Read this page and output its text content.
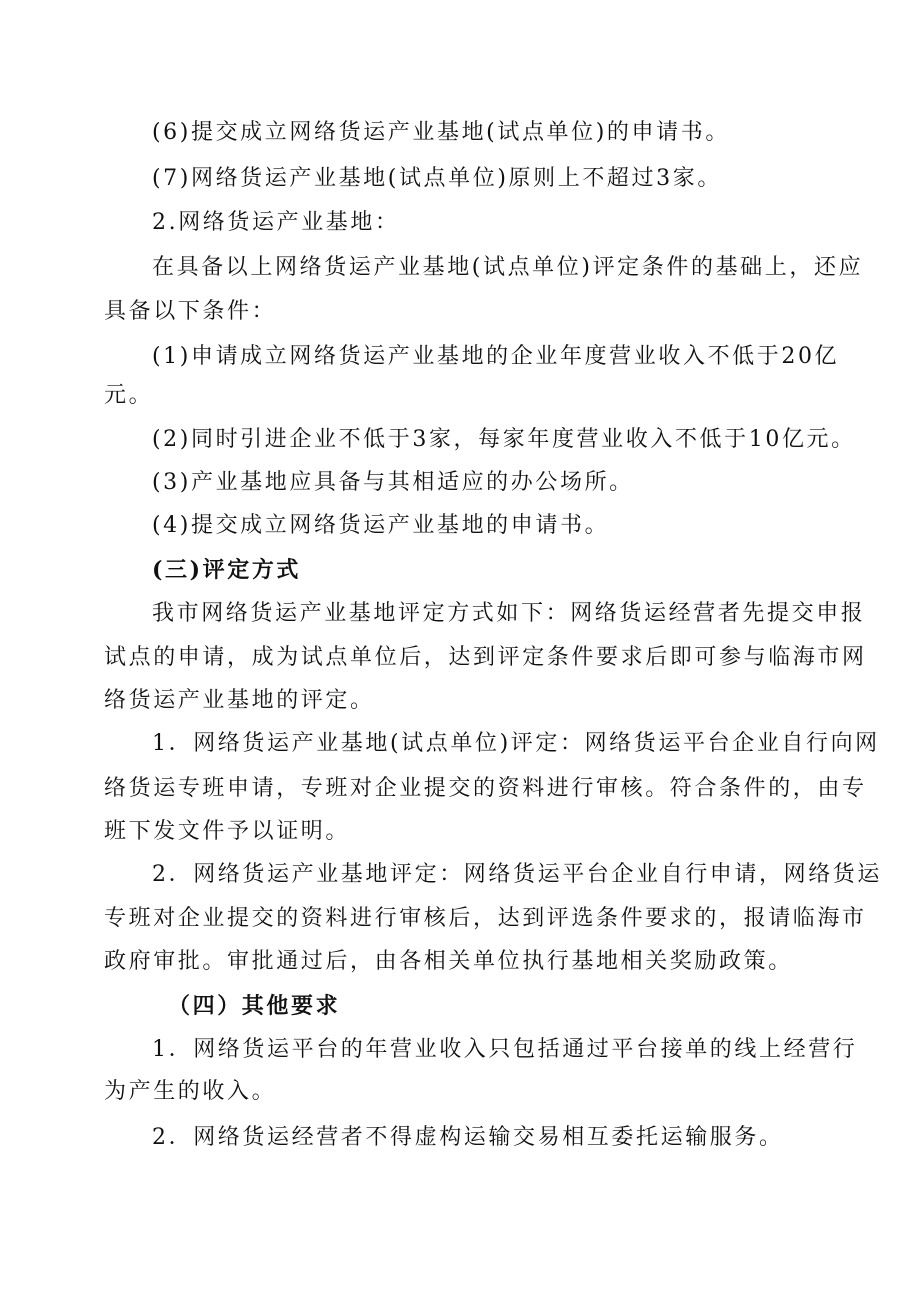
(6)提交成立网络货运产业基地(试点单位)的申请书。
(7)网络货运产业基地(试点单位)原则上不超过3家。
2.网络货运产业基地：
在具备以上网络货运产业基地(试点单位)评定条件的基础上，还应
具备以下条件：
(1)申请成立网络货运产业基地的企业年度营业收入不低于20亿
元。
(2)同时引进企业不低于3家，每家年度营业收入不低于10亿元。
(3)产业基地应具备与其相适应的办公场所。
(4)提交成立网络货运产业基地的申请书。
(三)评定方式
我市网络货运产业基地评定方式如下：网络货运经营者先提交申报
试点的申请，成为试点单位后，达到评定条件要求后即可参与临海市网
络货运产业基地的评定。
1．网络货运产业基地(试点单位)评定：网络货运平台企业自行向网
络货运专班申请，专班对企业提交的资料进行审核。符合条件的，由专
班下发文件予以证明。
2．网络货运产业基地评定：网络货运平台企业自行申请，网络货运
专班对企业提交的资料进行审核后，达到评选条件要求的，报请临海市
政府审批。审批通过后，由各相关单位执行基地相关奖励政策。
（四）其他要求
1．网络货运平台的年营业收入只包括通过平台接单的线上经营行
为产生的收入。
2．网络货运经营者不得虚构运输交易相互委托运输服务。
